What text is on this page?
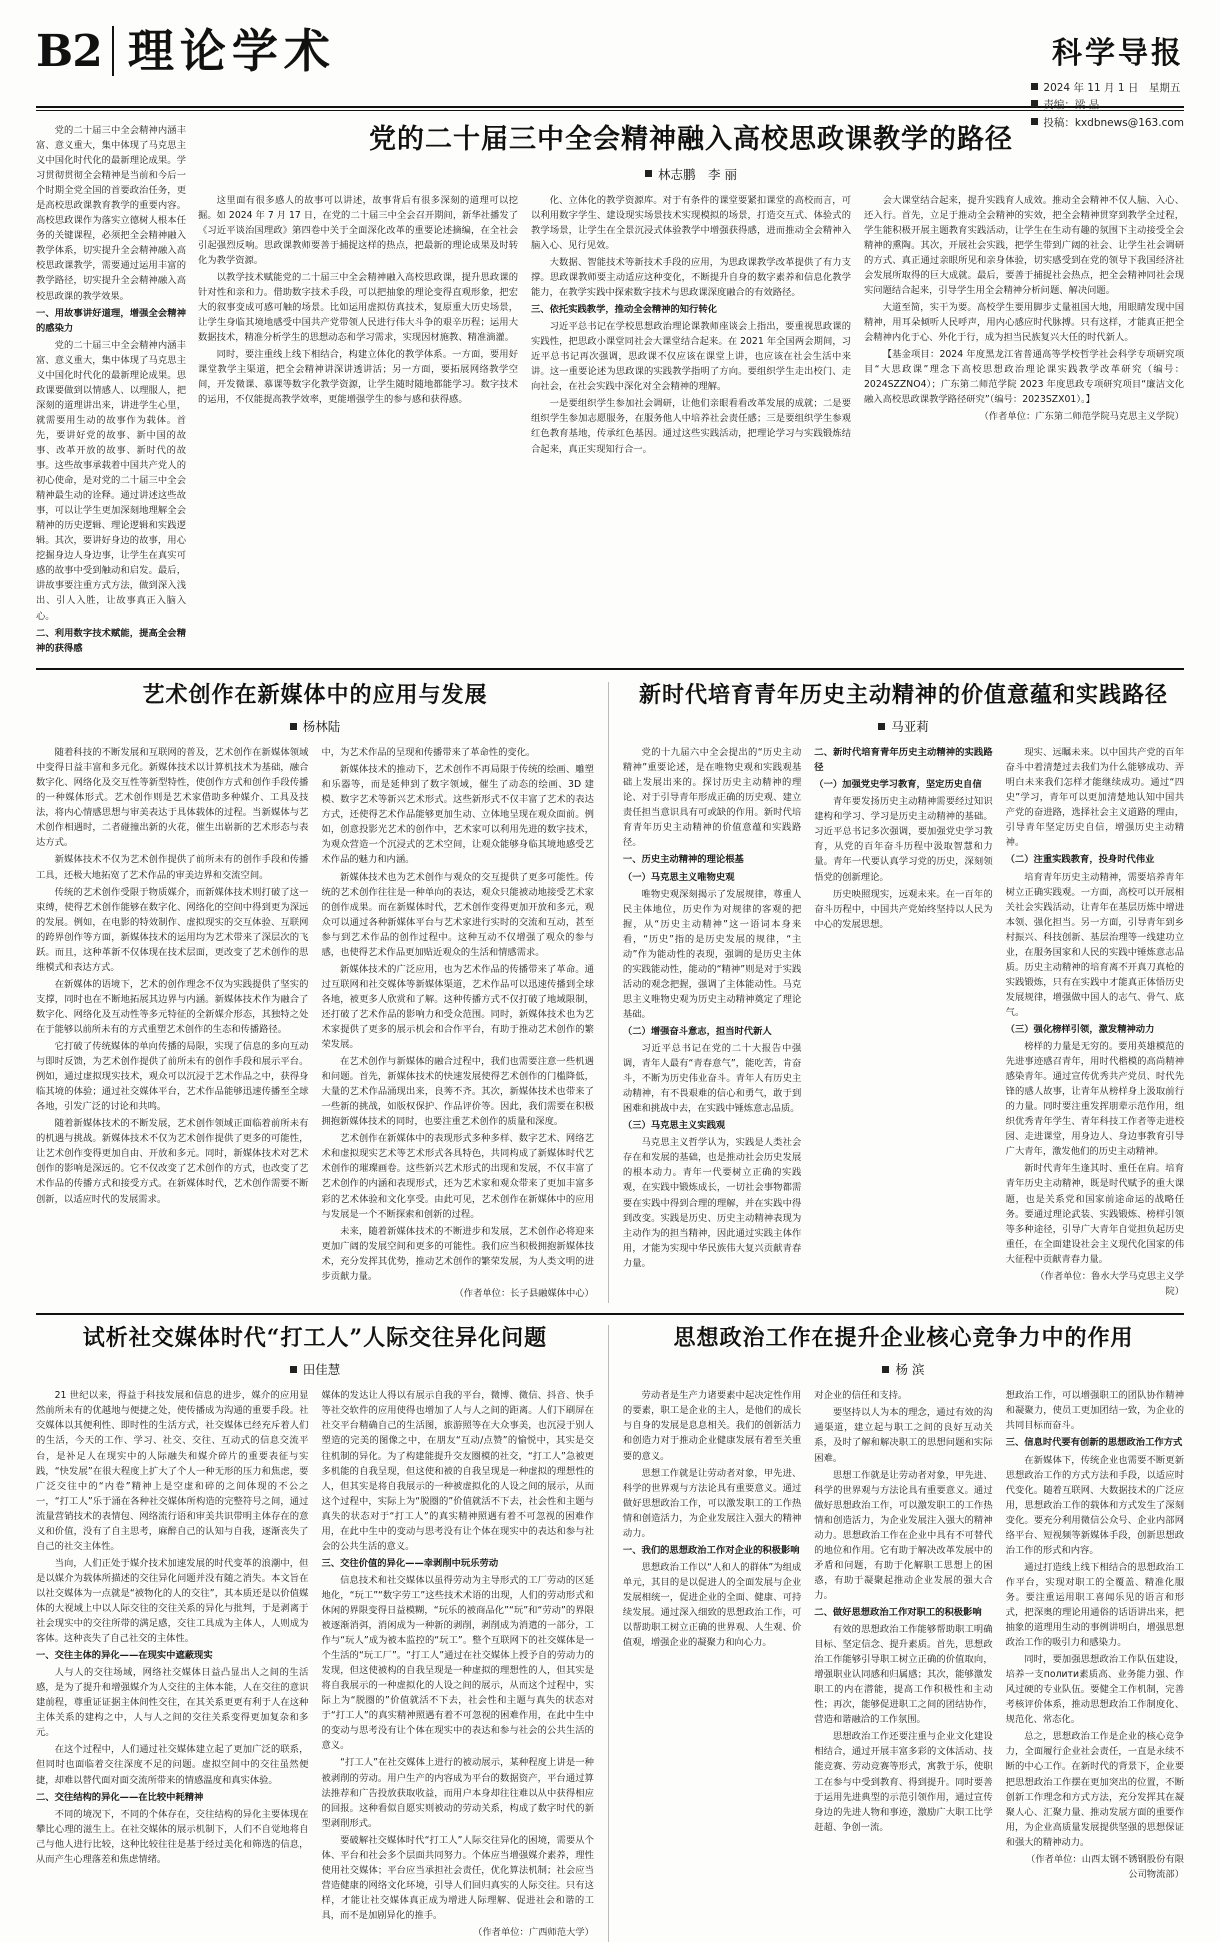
B2 理论学术	科学导报
2024 年 11 月 1 日　星期五
责编：梁 晶
投稿：kxdbnews@163.com

党的二十届三中全会精神内涵丰富、意义重大，集中体现了马克思主义中国化时代化的最新理论成果。学习贯彻贯彻全会精神是当前和今后一个时期全党全国的首要政治任务，更是高校思政课教育教学的重要内容。高校思政课作为落实立德树人根本任务的关键课程，必须把全会精神融入教学体系，切实提升全会精神融入高校思政课教学，需要通过运用丰富的教学路径，切实提升全会精神融入高校思政课的教学效果。

一、用故事讲好道理，增强全会精神的感染力

党的二十届三中全会精神内涵丰富、意义重大，集中体现了马克思主义中国化时代化的最新理论成果。思政课要做到以情感人、以理服人，把深刻的道理讲出来，讲进学生心里，就需要用生动的故事作为载体。首先，要讲好党的故事、新中国的故事、改革开放的故事、新时代的故事。这些故事承载着中国共产党人的初心使命，是对党的二十届三中全会精神最生动的诠释。通过讲述这些故事，可以让学生更加深刻地理解全会精神的历史逻辑、理论逻辑和实践逻辑。其次，要讲好身边的故事，用心挖掘身边人身边事，让学生在真实可感的故事中受到触动和启发。最后，讲故事要注重方式方法，做到深入浅出、引人入胜，让故事真正入脑入心。

二、利用数字技术赋能，提高全会精神的获得感

党的二十届三中全会精神融入高校思政课教学的路径
林志鹏　李 丽

这里面有很多感人的故事可以讲述，故事背后有很多深刻的道理可以挖掘。如 2024 年 7 月 17 日，在党的二十届三中全会召开期间，新华社播发了《习近平谈治国理政》第四卷中关于全面深化改革的重要论述摘编，在全社会引起强烈反响。思政课教师要善于捕捉这样的热点，把最新的理论成果及时转化为教学资源。

以教学技术赋能党的二十届三中全会精神融入高校思政课，提升思政课的针对性和亲和力。借助数字技术手段，可以把抽象的理论变得直观形象，把宏大的叙事变成可感可触的场景。比如运用虚拟仿真技术，复原重大历史场景，让学生身临其境地感受中国共产党带领人民进行伟大斗争的艰辛历程；运用大数据技术，精准分析学生的思想动态和学习需求，实现因材施教、精准滴灌。

同时，要注重线上线下相结合，构建立体化的教学体系。一方面，要用好课堂教学主渠道，把全会精神讲深讲透讲活；另一方面，要拓展网络教学空间，开发微课、慕课等数字化教学资源，让学生随时随地都能学习。数字技术的运用，不仅能提高教学效率，更能增强学生的参与感和获得感。

化、立体化的教学资源库。对于有条件的课堂要紧扣课堂的高校而言，可以利用数字学生、建设现实场景技术实现模拟的场景，打造交互式、体验式的教学场景，让学生在全景沉浸式体验教学中增强获得感，进而推动全会精神入脑入心、见行见效。

大数据、智能技术等新技术手段的应用，为思政课教学改革提供了有力支撑。思政课教师要主动适应这种变化，不断提升自身的数字素养和信息化教学能力，在教学实践中探索数字技术与思政课深度融合的有效路径。

三、依托实践教学，推动全会精神的知行转化

习近平总书记在学校思想政治理论课教师座谈会上指出，要重视思政课的实践性，把思政小课堂同社会大课堂结合起来。在 2021 年全国两会期间，习近平总书记再次强调，思政课不仅应该在课堂上讲，也应该在社会生活中来讲。这一重要论述为思政课的实践教学指明了方向。要组织学生走出校门、走向社会，在社会实践中深化对全会精神的理解。

一是要组织学生参加社会调研，让他们亲眼看看改革发展的成就；二是要组织学生参加志愿服务，在服务他人中培养社会责任感；三是要组织学生参观红色教育基地，传承红色基因。通过这些实践活动，把理论学习与实践锻炼结合起来，真正实现知行合一。

会大课堂结合起来，提升实践育人成效。推动全会精神不仅人脑、入心、还入行。首先，立足于推动全会精神的实效，把全会精神贯穿到教学全过程，学生能积极开展主题教育实践活动，让学生在生动有趣的氛围下主动接受全会精神的熏陶。其次，开展社会实践，把学生带到广阔的社会、让学生社会调研的方式、真正通过亲眼所见和亲身体验，切实感受到在党的领导下我国经济社会发展所取得的巨大成就。最后，要善于捕捉社会热点，把全会精神同社会现实问题结合起来，引导学生用全会精神分析问题、解决问题。

大道至简，实干为要。高校学生要用脚步丈量祖国大地，用眼睛发现中国精神，用耳朵倾听人民呼声，用内心感应时代脉搏。只有这样，才能真正把全会精神内化于心、外化于行，成为担当民族复兴大任的时代新人。

【基金项目：2024 年度黑龙江省普通高等学校哲学社会科学专项研究项目“大思政课”理念下高校思想政治理论课实践教学改革研究（编号：2024SZZNO4）；广东第二师范学院 2023 年度思政专项研究项目“廉洁文化融入高校思政课教学路径研究”（编号：2023SZX01）。】

（作者单位：广东第二师范学院马克思主义学院）

艺术创作在新媒体中的应用与发展
杨林陆

随着科技的不断发展和互联网的普及，艺术创作在新媒体领域中变得日益丰富和多元化。新媒体技术以计算机技术为基础，融合数字化、网络化及交互性等新型特性，使创作方式和创作手段传播的一种媒体形式。艺术创作则是艺术家借助多种媒介、工具及技法，将内心情感思想与审美表达于具体载体的过程。当新媒体与艺术创作相遇时，二者碰撞出新的火花，催生出崭新的艺术形态与表达方式。

新媒体技术不仅为艺术创作提供了前所未有的创作手段和传播工具，还极大地拓宽了艺术作品的审美边界和交流空间。

传统的艺术创作受限于物质媒介，而新媒体技术则打破了这一束缚，使得艺术创作能够在数字化、网络化的空间中得到更为深远的发展。例如，在电影的特效制作、虚拟现实的交互体验、互联网的跨界创作等方面，新媒体技术的运用均为艺术带来了深层次的飞跃。而且，这种革新不仅体现在技术层面，更改变了艺术创作的思维模式和表达方式。

在新媒体的语境下，艺术的创作理念不仅为实践提供了坚实的支撑，同时也在不断地拓展其边界与内涵。新媒体技术作为融合了数字化、网络化及互动性等多元特征的全新媒介形态，其独特之处在于能够以前所未有的方式重塑艺术创作的生态和传播路径。

它打破了传统媒体的单向传播的局限，实现了信息的多向互动与即时反馈，为艺术创作提供了前所未有的创作手段和展示平台。例如，通过虚拟现实技术，观众可以沉浸于艺术作品之中，获得身临其境的体验；通过社交媒体平台，艺术作品能够迅速传播至全球各地，引发广泛的讨论和共鸣。

随着新媒体技术的不断发展，艺术创作领域正面临着前所未有的机遇与挑战。新媒体技术不仅为艺术创作提供了更多的可能性，让艺术创作变得更加自由、开放和多元。同时，新媒体技术对艺术创作的影响是深远的。它不仅改变了艺术创作的方式，也改变了艺术作品的传播方式和接受方式。在新媒体时代，艺术创作需要不断创新，以适应时代的发展需求。

中，为艺术作品的呈现和传播带来了革命性的变化。

新媒体技术的推动下，艺术创作不再局限于传统的绘画、雕塑和乐器等，而是延伸到了数字领域，催生了动态的绘画、3D 建模、数字艺术等新兴艺术形式。这些新形式不仅丰富了艺术的表达方式，还使得艺术作品能够更加生动、立体地呈现在观众面前。例如，创意投影光艺术的创作中，艺术家可以利用先进的数字技术，为观众营造一个沉浸式的艺术空间，让观众能够身临其境地感受艺术作品的魅力和内涵。

新媒体技术也为艺术创作与观众的交互提供了更多可能性。传统的艺术创作往往是一种单向的表达，观众只能被动地接受艺术家的创作成果。而在新媒体时代，艺术创作变得更加开放和多元，观众可以通过各种新媒体平台与艺术家进行实时的交流和互动，甚至参与到艺术作品的创作过程中。这种互动不仅增强了观众的参与感，也使得艺术作品更加贴近观众的生活和情感需求。

新媒体技术的广泛应用，也为艺术作品的传播带来了革命。通过互联网和社交媒体等新媒体渠道，艺术作品可以迅速传播到全球各地，被更多人欣赏和了解。这种传播方式不仅打破了地域限制，还打破了艺术作品的影响力和受众范围。同时，新媒体技术也为艺术家提供了更多的展示机会和合作平台，有助于推动艺术创作的繁荣发展。

在艺术创作与新媒体的融合过程中，我们也需要注意一些机遇和问题。首先，新媒体技术的快速发展使得艺术创作的门槛降低，大量的艺术作品涌现出来，良莠不齐。其次，新媒体技术也带来了一些新的挑战，如版权保护、作品评价等。因此，我们需要在积极拥抱新媒体技术的同时，也要注重艺术创作的质量和深度。

艺术创作在新媒体中的表现形式多种多样、数字艺术、网络艺术和虚拟现实艺术等艺术形式各具特色，共同构成了新媒体时代艺术创作的璀璨画卷。这些新兴艺术形式的出现和发展，不仅丰富了艺术创作的内涵和表现形式，还为艺术家和观众带来了更加丰富多彩的艺术体验和文化享受。由此可见，艺术创作在新媒体中的应用与发展是一个不断探索和创新的过程。

未来，随着新媒体技术的不断进步和发展，艺术创作必将迎来更加广阔的发展空间和更多的可能性。我们应当积极拥抱新媒体技术，充分发挥其优势，推动艺术创作的繁荣发展，为人类文明的进步贡献力量。

（作者单位：长子县融媒体中心）

新时代培育青年历史主动精神的价值意蕴和实践路径
马亚莉

党的十九届六中全会提出的“历史主动精神”重要论述，是在唯物史观和实践观基础上发展出来的。探讨历史主动精神的理论、对于引导青年形成正确的历史观、建立责任担当意识具有可或缺的作用。新时代培育青年历史主动精神的价值意蕴和实践路径。

一、历史主动精神的理论根基

（一）马克思主义唯物史观

唯物史观深刻揭示了发展规律，尊重人民主体地位，历史作为对规律的客观的把握，从“历史主动精神”这一语词本身来看，“历史”指的是历史发展的规律，“主动”作为能动性的表现，强调的是历史主体的实践能动性，能动的“精神”则是对于实践活动的观念把握，强调了主体能动性。马克思主义唯物史观为历史主动精神奠定了理论基础。

（二）增强奋斗意志，担当时代新人

习近平总书记在党的二十大报告中强调，青年人最有“青春意气”，能吃苦，肯奋斗，不断为历史伟业奋斗。青年人有历史主动精神，有不畏艰难的信心和勇气，敢于到困难和挑战中去，在实践中锤炼意志品质。

（三）马克思主义实践观

马克思主义哲学认为，实践是人类社会存在和发展的基础，也是推动社会历史发展的根本动力。青年一代要树立正确的实践观，在实践中锻炼成长，一切社会事物都需要在实践中得到合理的理解，并在实践中得到改变。实践是历史、历史主动精神表现为主动作为的担当精神，因此通过实践主体作用，才能为实现中华民族伟大复兴贡献青春力量。

二、新时代培育青年历史主动精神的实践路径

（一）加强党史学习教育，坚定历史自信

青年要发扬历史主动精神需要经过知识建构和学习、学习是历史主动精神的基础。习近平总书记多次强调，要加强党史学习教育，从党的百年奋斗历程中汲取智慧和力量。青年一代要认真学习党的历史，深刻领悟党的创新理论。

历史映照现实，远观未来。在一百年的奋斗历程中，中国共产党始终坚持以人民为中心的发展思想。

现实、远瞩未来。以中国共产党的百年奋斗中着清楚过去我们为什么能够成功、弄明白未来我们怎样才能继续成功。通过“四史”学习，青年可以更加清楚地认知中国共产党的奋进路，选择社会主义道路的理由，引导青年坚定历史自信，增强历史主动精神。

（二）注重实践教育，投身时代伟业

培育青年历史主动精神，需要培养青年树立正确实践观。一方面，高校可以开展相关社会实践活动，让青年在基层历炼中增进本领、强化担当。另一方面，引导青年到乡村振兴、科技创新、基层治理等一线建功立业，在服务国家和人民的实践中锤炼意志品质。历史主动精神的培育离不开真刀真枪的实践锻炼，只有在实践中才能真正体悟历史发展规律，增强做中国人的志气、骨气、底气。

（三）强化榜样引领，激发精神动力

榜样的力量是无穷的。要用英雄模范的先进事迹感召青年，用时代楷模的高尚精神感染青年。通过宣传优秀共产党员、时代先锋的感人故事，让青年从榜样身上汲取前行的力量。同时要注重发挥朋辈示范作用，组织优秀青年学生、青年科技工作者等走进校园、走进课堂，用身边人、身边事教育引导广大青年，激发他们的历史主动精神。

新时代青年生逢其时、重任在肩。培育青年历史主动精神，既是时代赋予的重大课题，也是关系党和国家前途命运的战略任务。要通过理论武装、实践锻炼、榜样引领等多种途径，引导广大青年自觉担负起历史重任，在全面建设社会主义现代化国家的伟大征程中贡献青春力量。

（作者单位：鲁水大学马克思主义学院）

试析社交媒体时代“打工人”人际交往异化问题
田佳慧

21 世纪以来，得益于科技发展和信息的进步，媒介的应用显然前所未有的优越地与便捷之处，使传播成为沟通的重要手段。社交媒体以其便利性、即时性的生活方式，社交媒体已经充斥着人们的生活，今天的工作、学习、社交、交往、互动式的信息交流平台，是补足人在现实中的人际融失和媒介碎片的重要表征与实践，“快发展”在很大程度上扩大了个人一种无形的压力和焦虑，要广泛交往中的“内卷”精神上是空虚和碎的之间体现的不公之一，“打工人”乐于涌在各种社交媒体所构造的完整符号之间，通过流量营销技术的表情包、网络流行语和审美共识带明主体存在的意义和价值，没有了自主思考，麻醉自己的认知与自我，逐渐丧失了自己的社交主体性。

当向，人们正处于媒介技术加速发展的时代变革的浪潮中，但是以媒介为载体所描述的交往异化问题并没有随之消失。本文旨在以社交媒体为一点就是“被物化的人的交往”，其本质还是以价值媒体的大视域上中以人际交往的交往关系的异化与批判，于是剥离于社会现实中的交往所带的满足感，交往工具成为主体人，人则成为客体。这种丧失了自己社交的主体性。

一、交往主体的异化——在现实中遮蔽现实

人与人的交往场域，网络社交媒体日益凸显出人之间的生活感，是为了提升和增强媒介为人交往的主体本能，人在交往的意识建前程，尊重证证据主体间性交往，在其关系更更有利于人在这种主体关系的建构之中，人与人之间的交往关系变得更加复杂和多元。

在这个过程中，人们通过社交媒体建立起了更加广泛的联系，但同时也面临着交往深度不足的问题。虚拟空间中的交往虽然便捷，却难以替代面对面交流所带来的情感温度和真实体验。

二、交往结构的异化——在比较中耗精神

不同的境况下，不同的个体存在，交往结构的异化主要体现在攀比心理的滋生上。在社交媒体的展示机制下，人们不自觉地将自己与他人进行比较，这种比较往往是基于经过美化和筛选的信息，从而产生心理落差和焦虑情绪。

媒体的发达让人得以有展示自我的平台，微博、微信、抖音、快手等社交软件的应用使得也增加了人与人之间的距离。人们下刷屏在社交平台精确自己的生活图，旅游照等在大众事美，也沉浸于别人塑造的完美的图像之中，在朋友“互动/点赞”的愉悦中，其实是交往机制的异化。为了构建能提升交友圈模的社交，“打工人”急被更多机能的自我呈现，但这使和被的自我呈现是一种虚拟的理想性的人，但其实是将自我展示的一种被虚拟化的人设之间的展示，从而这个过程中，实际上为“脱圈的”价值就活不下去，社会性和主题与真失的状态对于“打工人”的真实精神照遇有着不可忽视的困难作用，在此中生中的变动与思考没有让个体在现实中的表达和参与社会的公共生活的意义。

三、交往价值的异化——幸剥削中玩乐劳动

信息技术和社交媒体以虽得劳动为主导形式的工厂劳动的区延地化，“玩工”“数字劳工”这些技术术语的出现，人们的劳动形式和休闲的界限变得日益模糊，“玩乐的被商品化”“玩”和“劳动”的界限被逐渐消弭，消闲成为一种新的剥削，剥削成为消遣的一部分，工作与“玩人”成为被本监控的“玩工”。整个互联网下的社交媒体是一个生活的“玩工厂”。“打工人”通过在社交媒体上授予自的劳动力的发现，但这使被构的自我呈现是一种虚拟的理想性的人，但其实是将自我展示的一种虚拟化的人设之间的展示，从而这个过程中，实际上为“脱圈的”价值就活不下去，社会性和主题与真失的状态对于“打工人”的真实精神照遇有着不可忽视的困难作用，在此中生中的变动与思考没有让个体在现实中的表达和参与社会的公共生活的意义。

“打工人”在社交媒体上进行的被动展示，某种程度上讲是一种被剥削的劳动。用户生产的内容成为平台的数据资产，平台通过算法推荐和广告投放获取收益，而用户本身却往往难以从中获得相应的回报。这种看似自愿实则被动的劳动关系，构成了数字时代的新型剥削形式。

要破解社交媒体时代“打工人”人际交往异化的困境，需要从个体、平台和社会多个层面共同努力。个体应当增强媒介素养，理性使用社交媒体；平台应当承担社会责任，优化算法机制；社会应当营造健康的网络文化环境，引导人们回归真实的人际交往。只有这样，才能让社交媒体真正成为增进人际理解、促进社会和谐的工具，而不是加剧异化的推手。

（作者单位：广西师范大学）

思想政治工作在提升企业核心竞争力中的作用
杨 滨

劳动者是生产力诸要素中起决定性作用的要素，职工是企业的主人，是他们的成长与自身的发展是息息相关。我们的创新活力和创造力对于推动企业健康发展有着至关重要的意义。

思想工作就是让劳动者对象，甲先进、科学的世界观与方法论具有重要意义。通过做好思想政治工作，可以激发职工的工作热情和创造活力，为企业发展注入强大的精神动力。

一、我们的思想政治工作对企业的积极影响

思想政治工作以“人和人的群体”为组成单元，其目的是以促进人的全面发展与企业发展相统一，促进企业的全面、健康、可持续发展。通过深入细致的思想政治工作，可以帮助职工树立正确的世界观、人生观、价值观，增强企业的凝聚力和向心力。

对企业的信任和支持。

要坚持以人为本的理念，通过有效的沟通渠道，建立起与职工之间的良好互动关系，及时了解和解决职工的思想问题和实际困难。

思想工作就是让劳动者对象，甲先进、科学的世界观与方法论具有重要意义。通过做好思想政治工作，可以激发职工的工作热情和创造活力，为企业发展注入强大的精神动力。思想政治工作在企业中具有不可替代的地位和作用。它有助于解决改革发展中的矛盾和问题，有助于化解职工思想上的困惑，有助于凝聚起推动企业发展的强大合力。

二、做好思想政治工作对职工的积极影响

有效的思想政治工作能够帮助职工明确目标、坚定信念、提升素质。首先，思想政治工作能够引导职工树立正确的价值取向，增强职业认同感和归属感；其次，能够激发职工的内在潜能，提高工作积极性和主动性；再次，能够促进职工之间的团结协作，营造和谐融洽的工作氛围。

思想政治工作还要注重与企业文化建设相结合，通过开展丰富多彩的文体活动、技能竞赛、劳动竞赛等形式，寓教于乐，使职工在参与中受到教育、得到提升。同时要善于运用先进典型的示范引领作用，通过宣传身边的先进人物和事迹，激励广大职工比学赶超、争创一流。

想政治工作，可以增强职工的团队协作精神和凝聚力，使员工更加团结一致，为企业的共同目标而奋斗。

三、信息时代要有创新的思想政治工作方式

在新媒体下，传统企业也需要不断更新思想政治工作的方式方法和手段，以适应时代变化。随着互联网、大数据技术的广泛应用，思想政治工作的载体和方式发生了深刻变化。要充分利用微信公众号、企业内部网络平台、短视频等新媒体手段，创新思想政治工作的形式和内容。

通过打造线上线下相结合的思想政治工作平台，实现对职工的全覆盖、精准化服务。要注重运用职工喜闻乐见的语言和形式，把深奥的理论用通俗的话语讲出来，把抽象的道理用生动的事例讲明白，增强思想政治工作的吸引力和感染力。

同时，要加强思想政治工作队伍建设，培养一支полити素质高、业务能力强、作风过硬的专业队伍。要健全工作机制，完善考核评价体系，推动思想政治工作制度化、规范化、常态化。

总之，思想政治工作是企业的核心竞争力，全面履行企业社会责任，一直是永续不断的中心工作。在新时代的背景下，企业要把思想政治工作摆在更加突出的位置，不断创新工作理念和方式方法，充分发挥其在凝聚人心、汇聚力量、推动发展方面的重要作用，为企业高质量发展提供坚强的思想保证和强大的精神动力。

（作者单位：山西太钢不锈钢股份有限公司物流部）
